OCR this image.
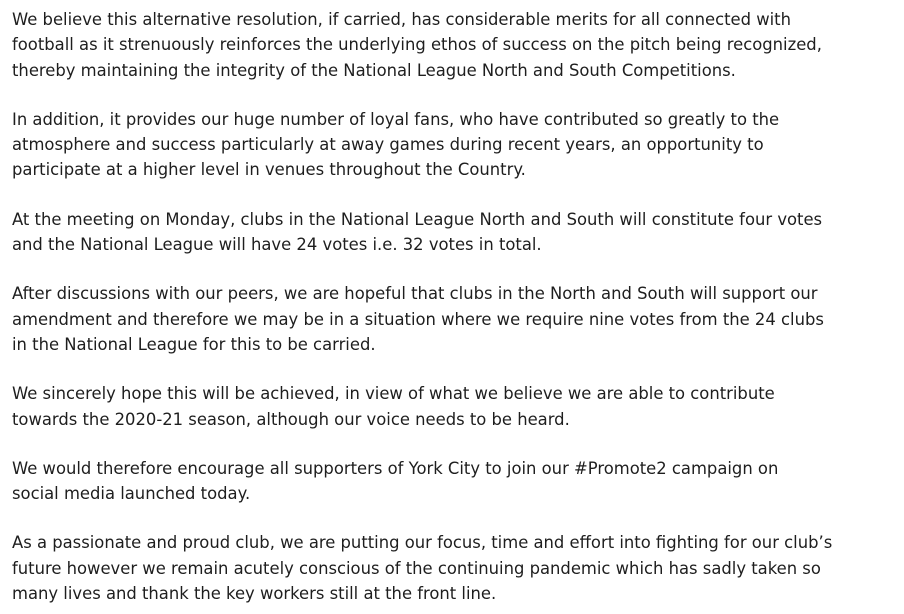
We believe this alternative resolution, if carried, has considerable merits for all connected with
football as it strenuously reinforces the underlying ethos of success on the pitch being recognized,
thereby maintaining the integrity of the National League North and South Competitions.

In addition, it provides our huge number of loyal fans, who have contributed so greatly to the
atmosphere and success particularly at away games during recent years, an opportunity to
participate at a higher level in venues throughout the Country.

At the meeting on Monday, clubs in the National League North and South will constitute four votes
and the National League will have 24 votes i.e. 32 votes in total.

After discussions with our peers, we are hopeful that clubs in the North and South will support our
amendment and therefore we may be in a situation where we require nine votes from the 24 clubs
in the National League for this to be carried.

We sincerely hope this will be achieved, in view of what we believe we are able to contribute
towards the 2020-21 season, although our voice needs to be heard.

We would therefore encourage all supporters of York City to join our #Promote2 campaign on
social media launched today.

As a passionate and proud club, we are putting our focus, time and effort into fighting for our club’s
future however we remain acutely conscious of the continuing pandemic which has sadly taken so
many lives and thank the key workers still at the front line.
